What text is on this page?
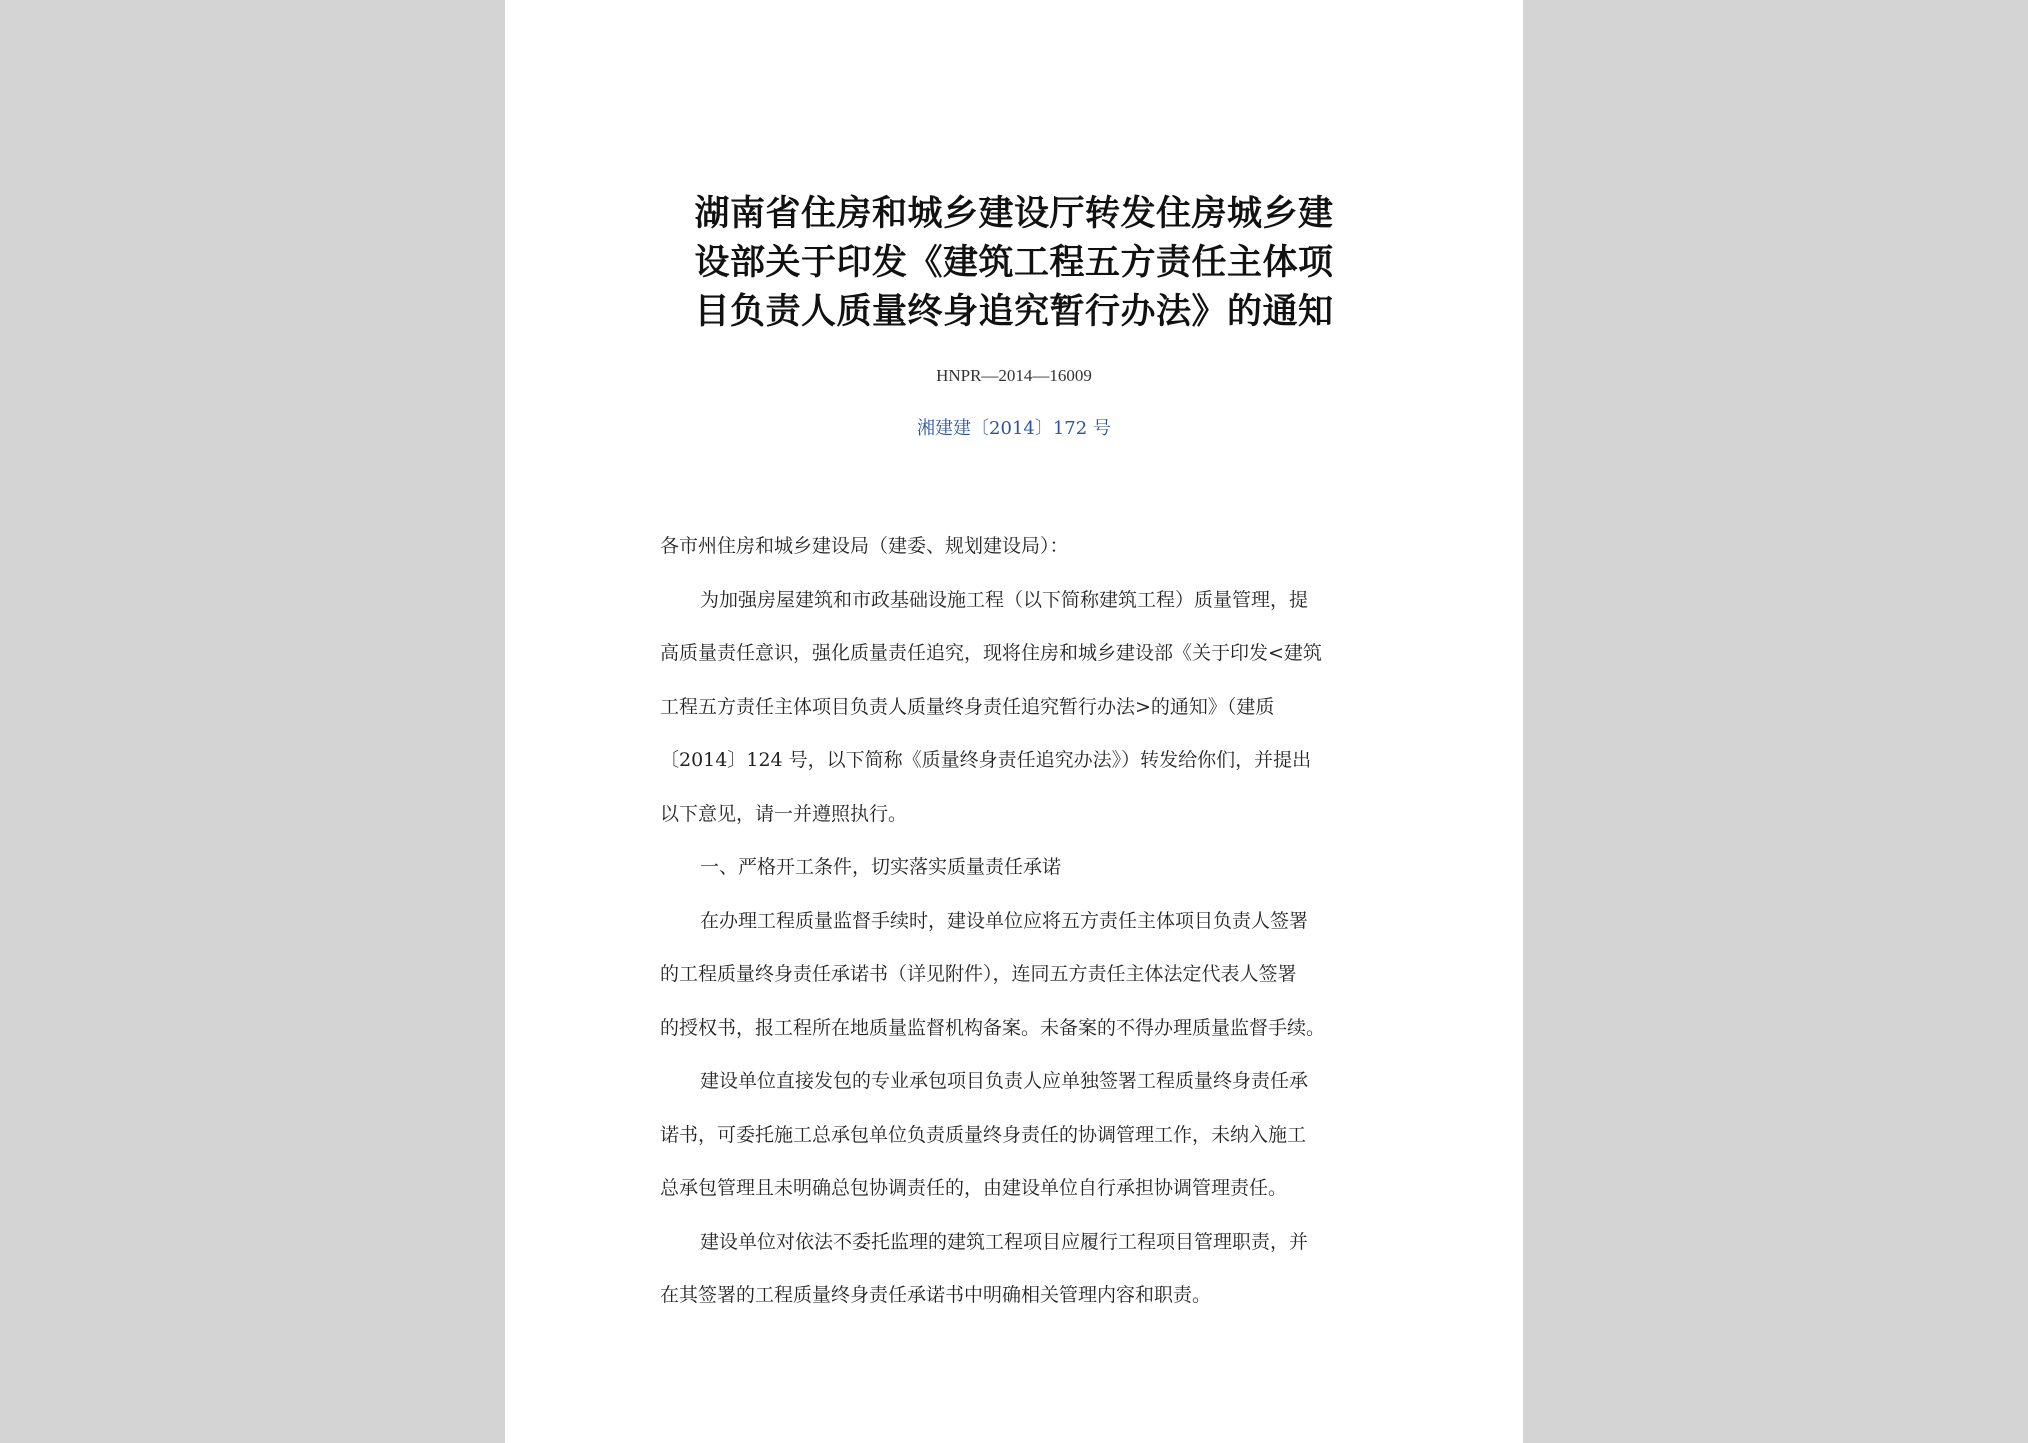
湖南省住房和城乡建设厅转发住房城乡建
设部关于印发《建筑工程五方责任主体项
目负责人质量终身追究暂行办法》的通知
HNPR—2014—16009
湘建建〔2014〕172 号

各市州住房和城乡建设局（建委、规划建设局）：

为加强房屋建筑和市政基础设施工程（以下简称建筑工程）质量管理，提

高质量责任意识，强化质量责任追究，现将住房和城乡建设部《关于印发<建筑

工程五方责任主体项目负责人质量终身责任追究暂行办法>的通知》（建质

〔2014〕124 号，以下简称《质量终身责任追究办法》）转发给你们，并提出

以下意见，请一并遵照执行。

一、严格开工条件，切实落实质量责任承诺

在办理工程质量监督手续时，建设单位应将五方责任主体项目负责人签署

的工程质量终身责任承诺书（详见附件），连同五方责任主体法定代表人签署

的授权书，报工程所在地质量监督机构备案。未备案的不得办理质量监督手续。

建设单位直接发包的专业承包项目负责人应单独签署工程质量终身责任承

诺书，可委托施工总承包单位负责质量终身责任的协调管理工作，未纳入施工

总承包管理且未明确总包协调责任的，由建设单位自行承担协调管理责任。

建设单位对依法不委托监理的建筑工程项目应履行工程项目管理职责，并

在其签署的工程质量终身责任承诺书中明确相关管理内容和职责。
